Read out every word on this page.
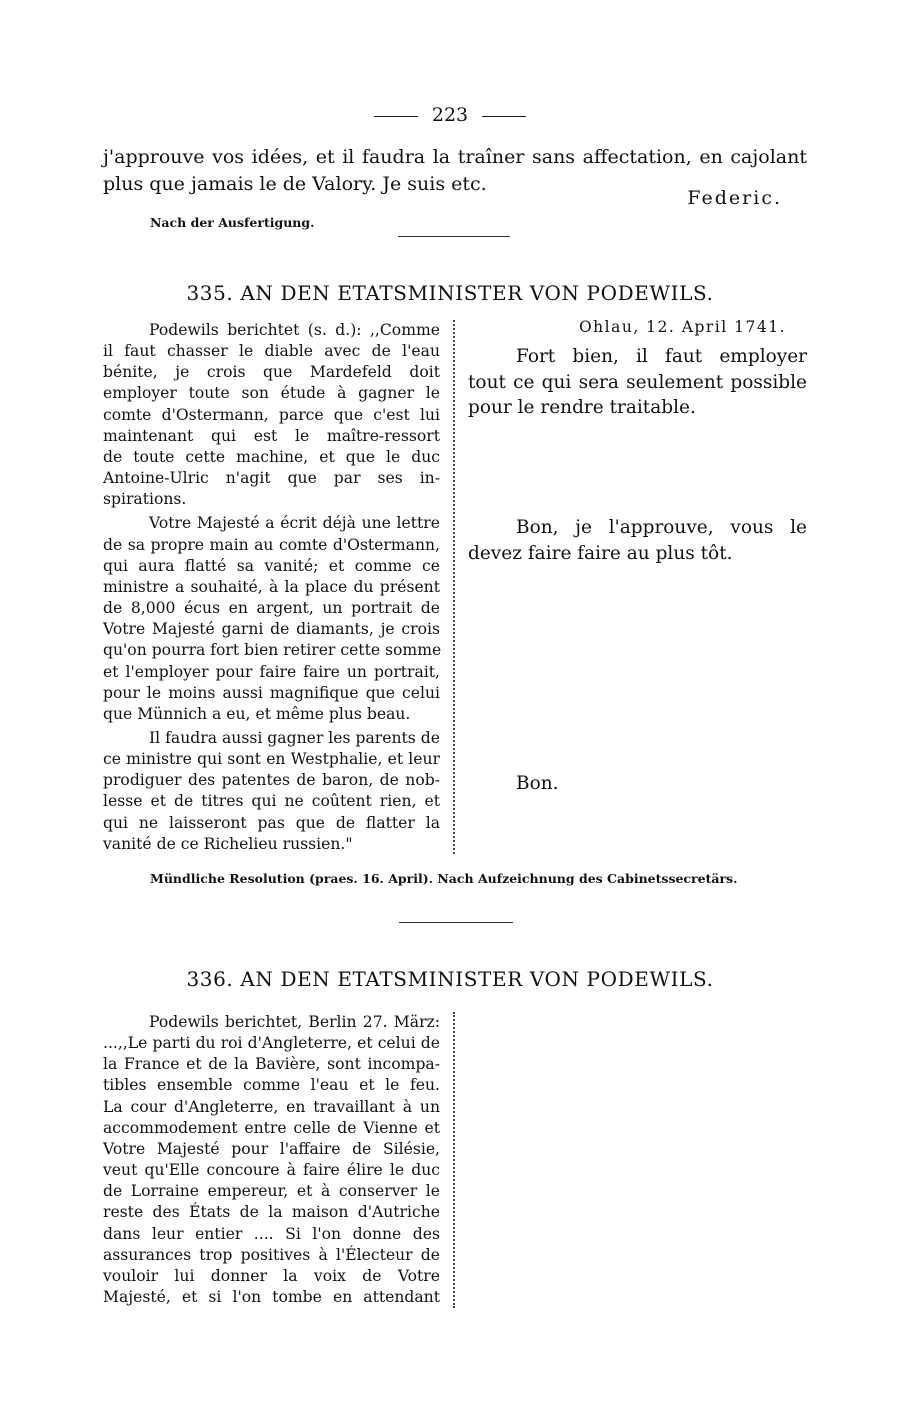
223
j'approuve vos idées, et il faudra la traîner sans affectation, en cajolant
plus que jamais le de Valory. Je suis etc.
Federic.
Nach der Ausfertigung.
335. AN DEN ETATSMINISTER VON PODEWILS.
Podewils berichtet (s. d.): ,,Comme
il faut chasser le diable avec de l'eau
bénite, je crois que Mardefeld doit
employer toute son étude à gagner le
comte d'Ostermann, parce que c'est lui
maintenant qui est le maître-ressort
de toute cette machine, et que le duc
Antoine-Ulric n'agit que par ses in-
spirations.
Votre Majesté a écrit déjà une lettre
de sa propre main au comte d'Ostermann,
qui aura flatté sa vanité; et comme ce
ministre a souhaité, à la place du présent
de 8,000 écus en argent, un portrait de
Votre Majesté garni de diamants, je crois
qu'on pourra fort bien retirer cette somme
et l'employer pour faire faire un portrait,
pour le moins aussi magnifique que celui
que Münnich a eu, et même plus beau.
Il faudra aussi gagner les parents de
ce ministre qui sont en Westphalie, et leur
prodiguer des patentes de baron, de nob-
lesse et de titres qui ne coûtent rien, et
qui ne laisseront pas que de flatter la
vanité de ce Richelieu russien."
Ohlau, 12. April 1741.
Fort bien, il faut employer
tout ce qui sera seulement possible
pour le rendre traitable.
Bon, je l'approuve, vous le
devez faire faire au plus tôt.
Bon.
Mündliche Resolution (praes. 16. April). Nach Aufzeichnung des Cabinetssecretärs.
336. AN DEN ETATSMINISTER VON PODEWILS.
Podewils berichtet, Berlin 27. März:
...,,Le parti du roi d'Angleterre, et celui de
la France et de la Bavière, sont incompa-
tibles ensemble comme l'eau et le feu.
La cour d'Angleterre, en travaillant à un
accommodement entre celle de Vienne et
Votre Majesté pour l'affaire de Silésie,
veut qu'Elle concoure à faire élire le duc
de Lorraine empereur, et à conserver le
reste des États de la maison d'Autriche
dans leur entier .... Si l'on donne des
assurances trop positives à l'Électeur de
vouloir lui donner la voix de Votre
Majesté, et si l'on tombe en attendant
